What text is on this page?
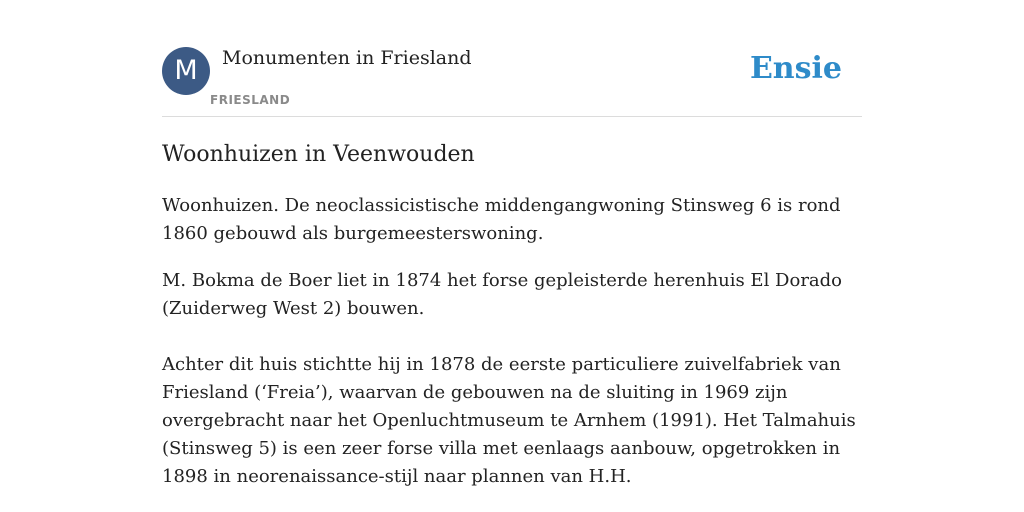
M	Monumenten in Friesland
FRIESLAND
Ensie
Woonhuizen in Veenwouden

Woonhuizen. De neoclassicistische middengangwoning Stinsweg 6 is rond 1860 gebouwd als burgemeesterswoning.

M. Bokma de Boer liet in 1874 het forse gepleisterde herenhuis El Dorado (Zuiderweg West 2) bouwen.

Achter dit huis stichtte hij in 1878 de eerste particuliere zuivelfabriek van Friesland (‘Freia’), waarvan de gebouwen na de sluiting in 1969 zijn overgebracht naar het Openluchtmuseum te Arnhem (1991). Het Talmahuis (Stinsweg 5) is een zeer forse villa met eenlaags aanbouw, opgetrokken in 1898 in neorenaissance-stijl naar plannen van H.H.
